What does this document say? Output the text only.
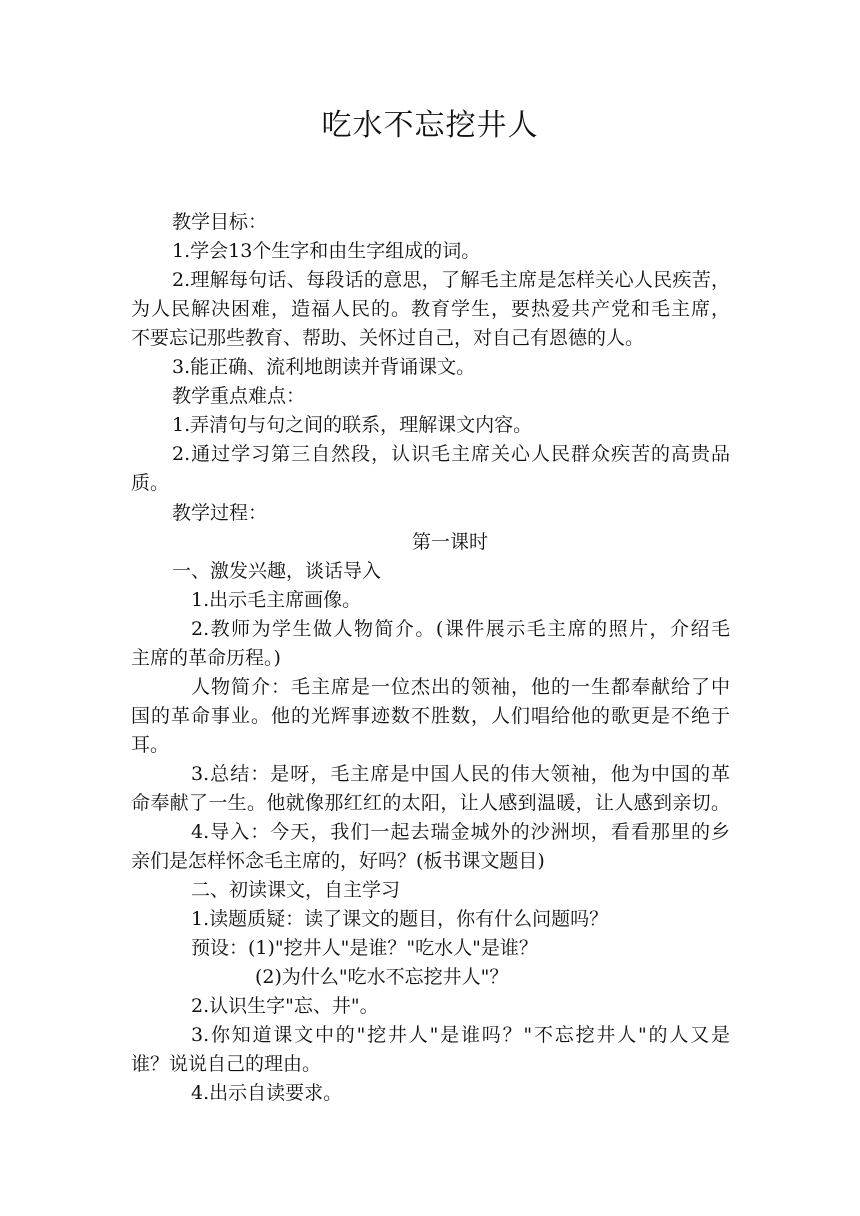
吃水不忘挖井人
教学目标：
1.学会13个生字和由生字组成的词。
2.理解每句话、每段话的意思，了解毛主席是怎样关心人民疾苦，
为人民解决困难，造福人民的。教育学生，要热爱共产党和毛主席，
不要忘记那些教育、帮助、关怀过自己，对自己有恩德的人。
3.能正确、流利地朗读并背诵课文。
教学重点难点：
1.弄清句与句之间的联系，理解课文内容。
2.通过学习第三自然段，认识毛主席关心人民群众疾苦的高贵品
质。
教学过程：
第一课时
一、激发兴趣，谈话导入
1.出示毛主席画像。
2.教师为学生做人物简介。(课件展示毛主席的照片，介绍毛
主席的革命历程。)
人物简介：毛主席是一位杰出的领袖，他的一生都奉献给了中
国的革命事业。他的光辉事迹数不胜数，人们唱给他的歌更是不绝于
耳。
3.总结：是呀，毛主席是中国人民的伟大领袖，他为中国的革
命奉献了一生。他就像那红红的太阳，让人感到温暖，让人感到亲切。
4.导入：今天，我们一起去瑞金城外的沙洲坝，看看那里的乡
亲们是怎样怀念毛主席的，好吗？(板书课文题目)
二、初读课文，自主学习
1.读题质疑：读了课文的题目，你有什么问题吗？
预设：(1)"挖井人"是谁？"吃水人"是谁？
(2)为什么"吃水不忘挖井人"？
2.认识生字"忘、井"。
3.你知道课文中的"挖井人"是谁吗？"不忘挖井人"的人又是
谁？说说自己的理由。
4.出示自读要求。
